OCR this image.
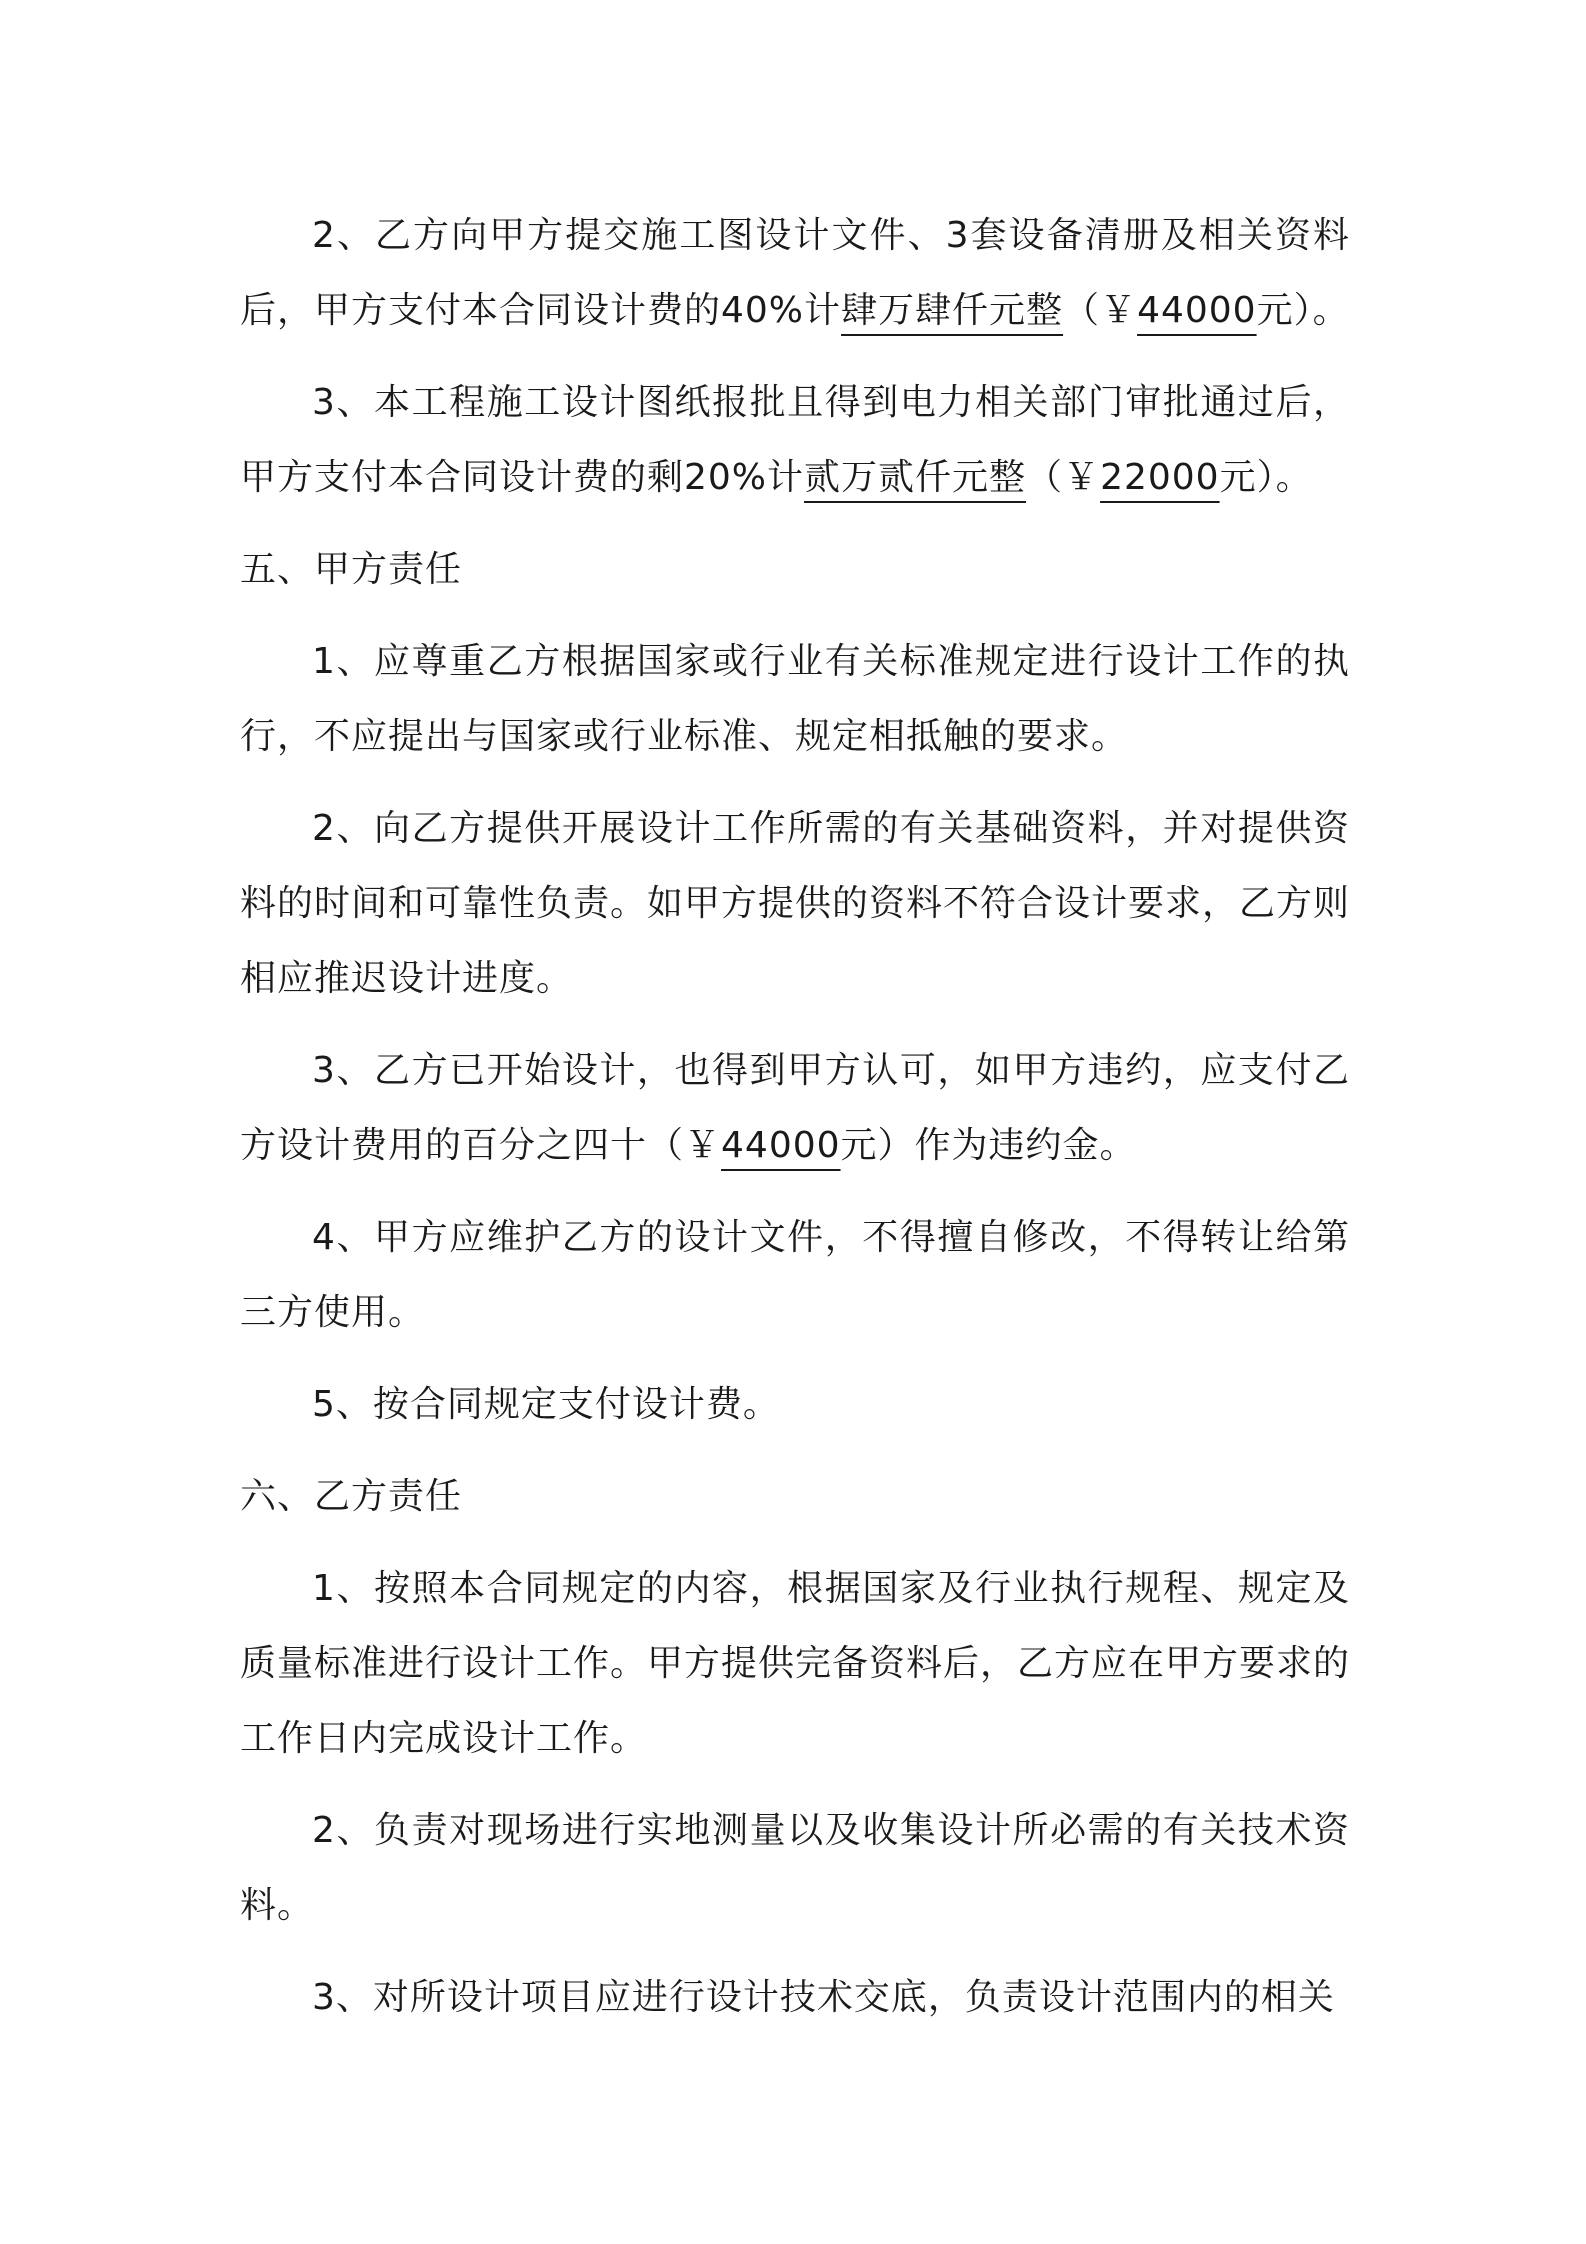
2、乙方向甲方提交施工图设计文件、3套设备清册及相关资料后，甲方支付本合同设计费的40%计肆万肆仟元整（￥44000元）。

3、本工程施工设计图纸报批且得到电力相关部门审批通过后，甲方支付本合同设计费的剩20%计贰万贰仟元整（￥22000元）。

五、甲方责任

1、应尊重乙方根据国家或行业有关标准规定进行设计工作的执行，不应提出与国家或行业标准、规定相抵触的要求。

2、向乙方提供开展设计工作所需的有关基础资料，并对提供资料的时间和可靠性负责。如甲方提供的资料不符合设计要求，乙方则相应推迟设计进度。

3、乙方已开始设计，也得到甲方认可，如甲方违约，应支付乙方设计费用的百分之四十（￥44000元）作为违约金。

4、甲方应维护乙方的设计文件，不得擅自修改，不得转让给第三方使用。

5、按合同规定支付设计费。

六、乙方责任

1、按照本合同规定的内容，根据国家及行业执行规程、规定及质量标准进行设计工作。甲方提供完备资料后，乙方应在甲方要求的工作日内完成设计工作。

2、负责对现场进行实地测量以及收集设计所必需的有关技术资料。

3、对所设计项目应进行设计技术交底，负责设计范围内的相关
